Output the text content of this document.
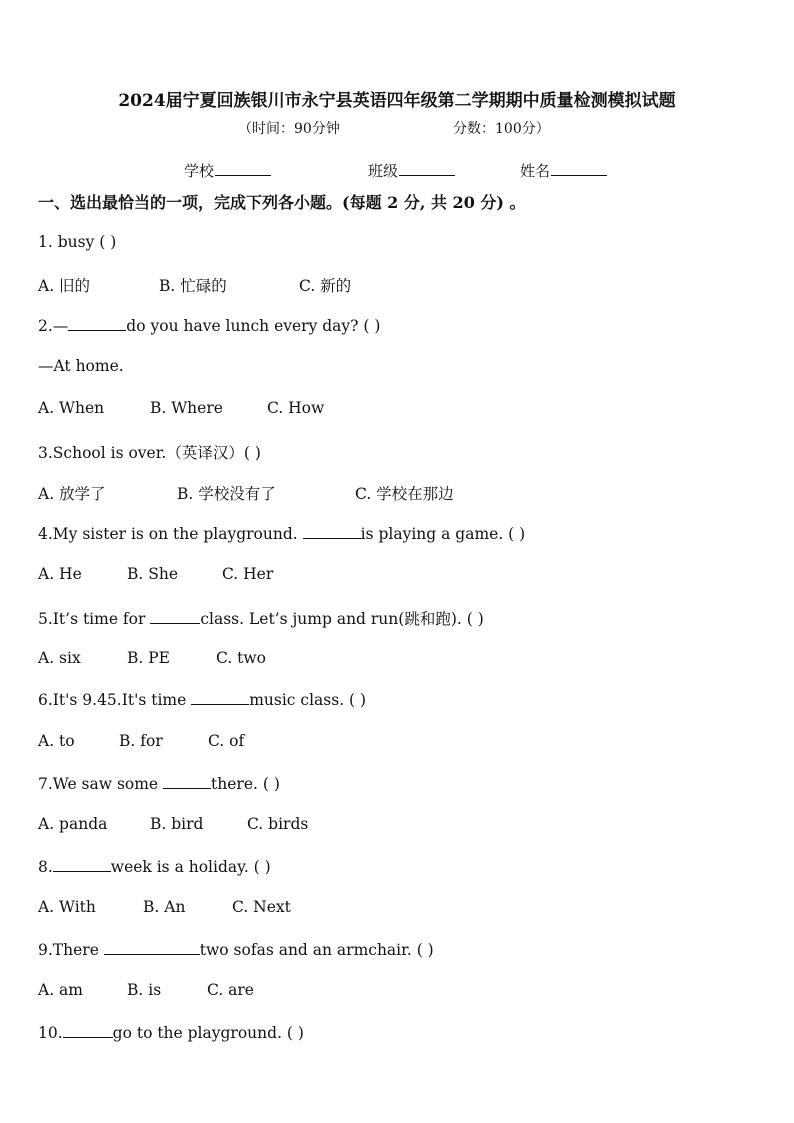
2024届宁夏回族银川市永宁县英语四年级第二学期期中质量检测模拟试题
（时间：90分钟	分数：100分）
学校	班级	姓名
一、选出最恰当的一项，完成下列各小题。(每题 2 分, 共 20 分) 。
1. busy ( )
A. 旧的	B. 忙碌的	C. 新的
2.—	do you have lunch every day? ( )
—At home.
A. When	B. Where	C. How
3.School is over.（英译汉）( )
A. 放学了	B. 学校没有了	C. 学校在那边
4.My sister is on the playground.	is playing a game. ( )
A. He	B. She	C. Her
5.It’s time for	class. Let’s jump and run(跳和跑). ( )
A. six	B. PE	C. two
6.It's 9.45.It's time	music class. ( )
A. to	B. for	C. of
7.We saw some	there. ( )
A. panda	B. bird	C. birds
8.	week is a holiday. ( )
A. With	B. An	C. Next
9.There	two sofas and an armchair. ( )
A. am	B. is	C. are
10.	go to the playground. ( )
